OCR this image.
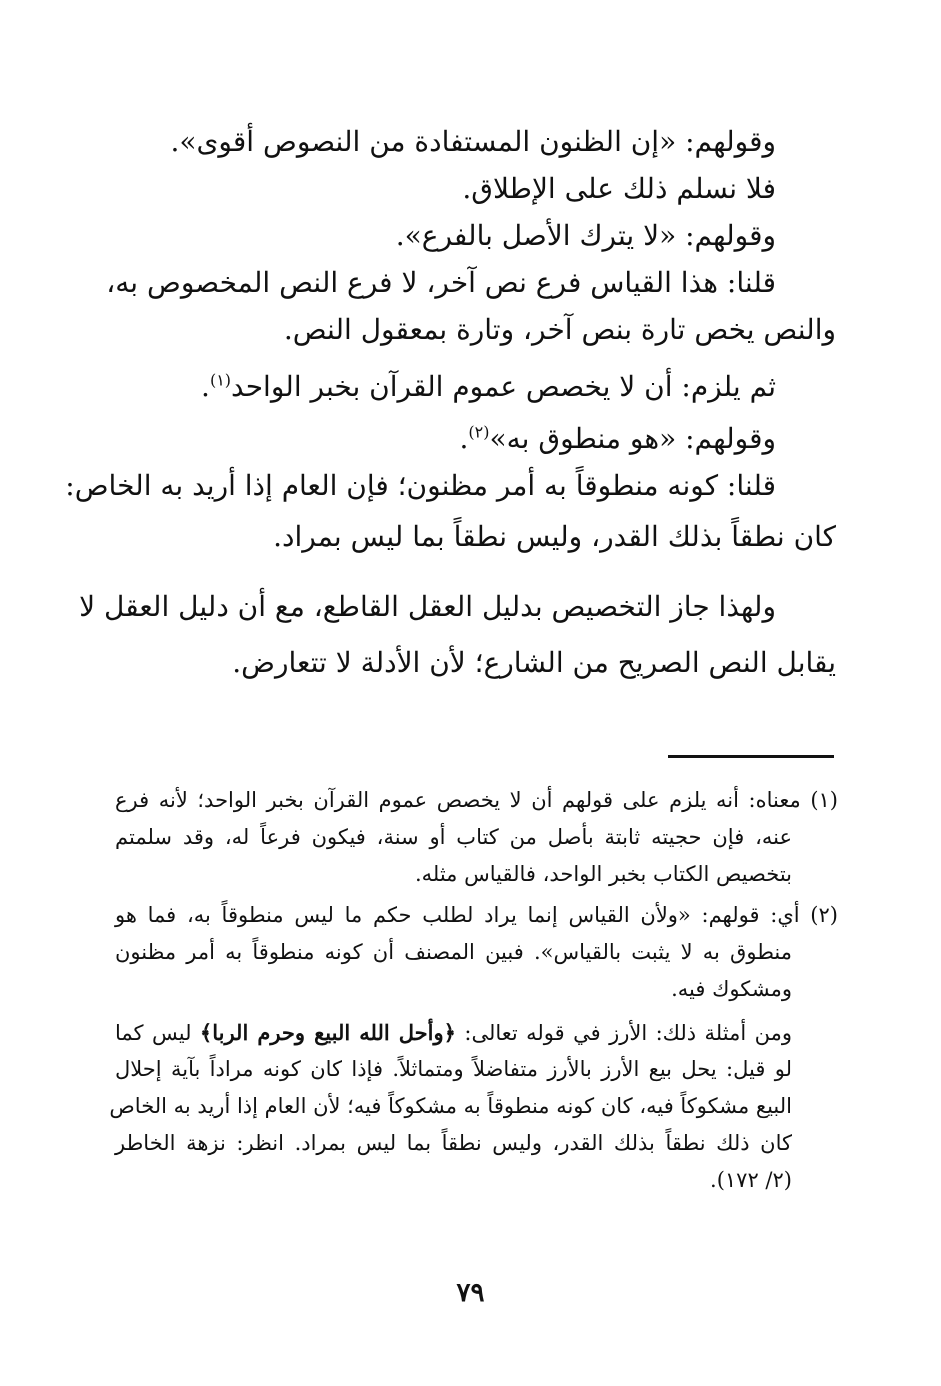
وقولهم: «إن الظنون المستفادة من النصوص أقوى».
فلا نسلم ذلك على الإطلاق.
وقولهم: «لا يترك الأصل بالفرع».
قلنا: هذا القياس فرع نص آخر، لا فرع النص المخصوص به،
والنص يخص تارة بنص آخر، وتارة بمعقول النص.
ثم يلزم: أن لا يخصص عموم القرآن بخبر الواحد$^{(١)}$.
وقولهم: «هو منطوق به»$^{(٢)}$.
قلنا: كونه منطوقاً به أمر مظنون؛ فإن العام إذا أريد به الخاص:
كان نطقاً بذلك القدر، وليس نطقاً بما ليس بمراد.
ولهذا جاز التخصيص بدليل العقل القاطع، مع أن دليل العقل لا
يقابل النص الصريح من الشارع؛ لأن الأدلة لا تتعارض.
(١) معناه: أنه يلزم على قولهم أن لا يخصص عموم القرآن بخبر الواحد؛ لأنه فرع
عنه، فإن حجيته ثابتة بأصل من كتاب أو سنة، فيكون فرعاً له، وقد سلمتم
بتخصيص الكتاب بخبر الواحد، فالقياس مثله.
(٢) أي: قولهم: «ولأن القياس إنما يراد لطلب حكم ما ليس منطوقاً به، فما هو
منطوق به لا يثبت بالقياس». فبين المصنف أن كونه منطوقاً به أمر مظنون
ومشكوك فيه.
ومن أمثلة ذلك: الأرز في قوله تعالى: ﴿وأحل الله البيع وحرم الربا﴾ ليس كما
لو قيل: يحل بيع الأرز بالأرز متفاضلاً ومتماثلاً. فإذا كان كونه مراداً بآية إحلال
البيع مشكوكاً فيه، كان كونه منطوقاً به مشكوكاً فيه؛ لأن العام إذا أريد به الخاص
كان ذلك نطقاً بذلك القدر، وليس نطقاً بما ليس بمراد. انظر: نزهة الخاطر
(٢/ ١٧٢).
٧٩
